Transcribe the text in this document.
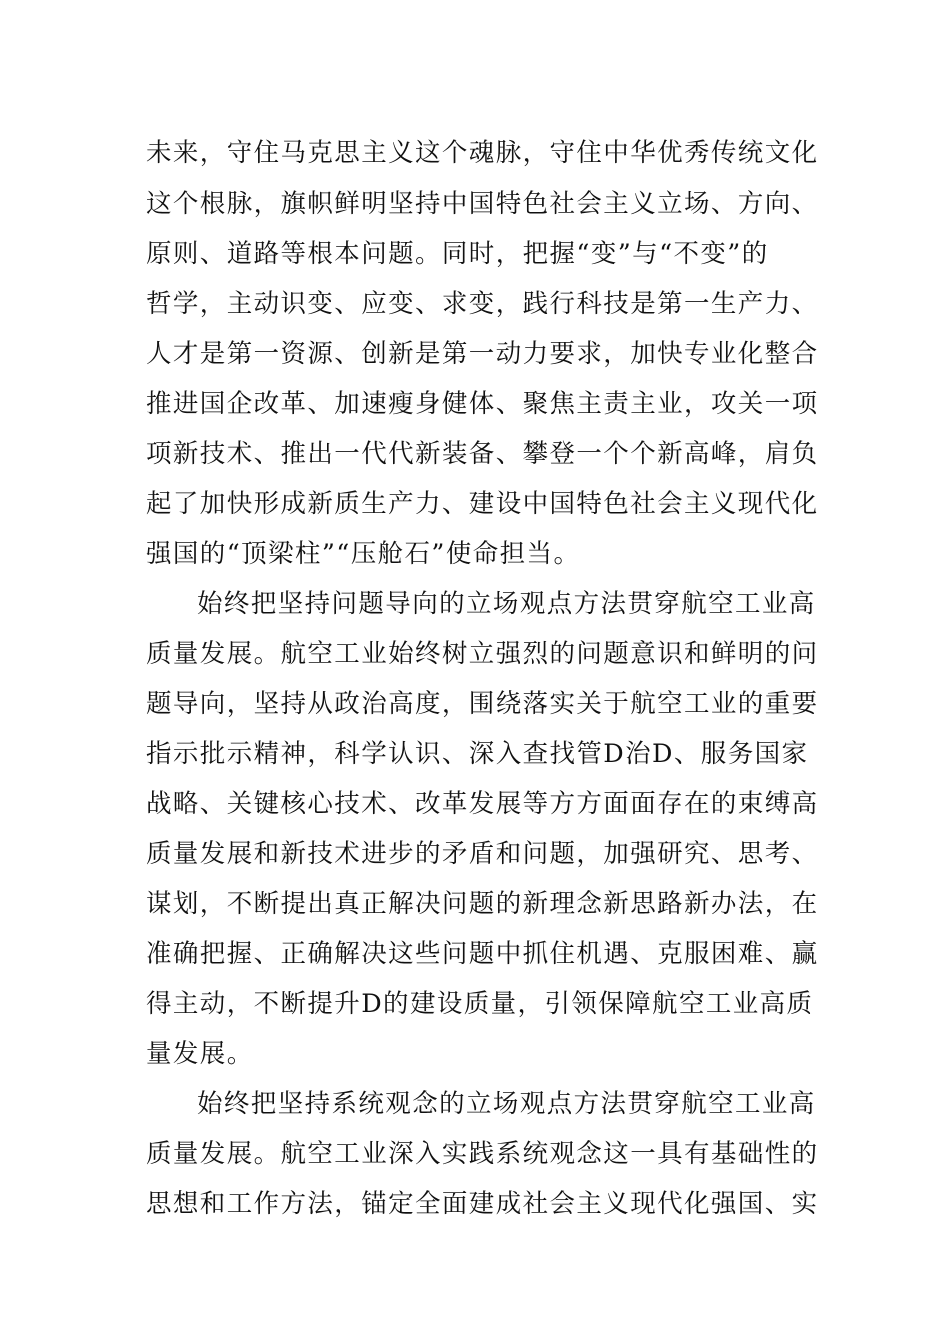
未来，守住马克思主义这个魂脉，守住中华优秀传统文化
这个根脉，旗帜鲜明坚持中国特色社会主义立场、方向、
原则、道路等根本问题。同时，把握“变”与“不变”的
哲学，主动识变、应变、求变，践行科技是第一生产力、
人才是第一资源、创新是第一动力要求，加快专业化整合
推进国企改革、加速瘦身健体、聚焦主责主业，攻关一项
项新技术、推出一代代新装备、攀登一个个新高峰，肩负
起了加快形成新质生产力、建设中国特色社会主义现代化
强国的“顶梁柱”“压舱石”使命担当。
始终把坚持问题导向的立场观点方法贯穿航空工业高
质量发展。航空工业始终树立强烈的问题意识和鲜明的问
题导向，坚持从政治高度，围绕落实关于航空工业的重要
指示批示精神，科学认识、深入查找管D治D、服务国家
战略、关键核心技术、改革发展等方方面面存在的束缚高
质量发展和新技术进步的矛盾和问题，加强研究、思考、
谋划，不断提出真正解决问题的新理念新思路新办法，在
准确把握、正确解决这些问题中抓住机遇、克服困难、赢
得主动，不断提升D的建设质量，引领保障航空工业高质
量发展。
始终把坚持系统观念的立场观点方法贯穿航空工业高
质量发展。航空工业深入实践系统观念这一具有基础性的
思想和工作方法，锚定全面建成社会主义现代化强国、实
